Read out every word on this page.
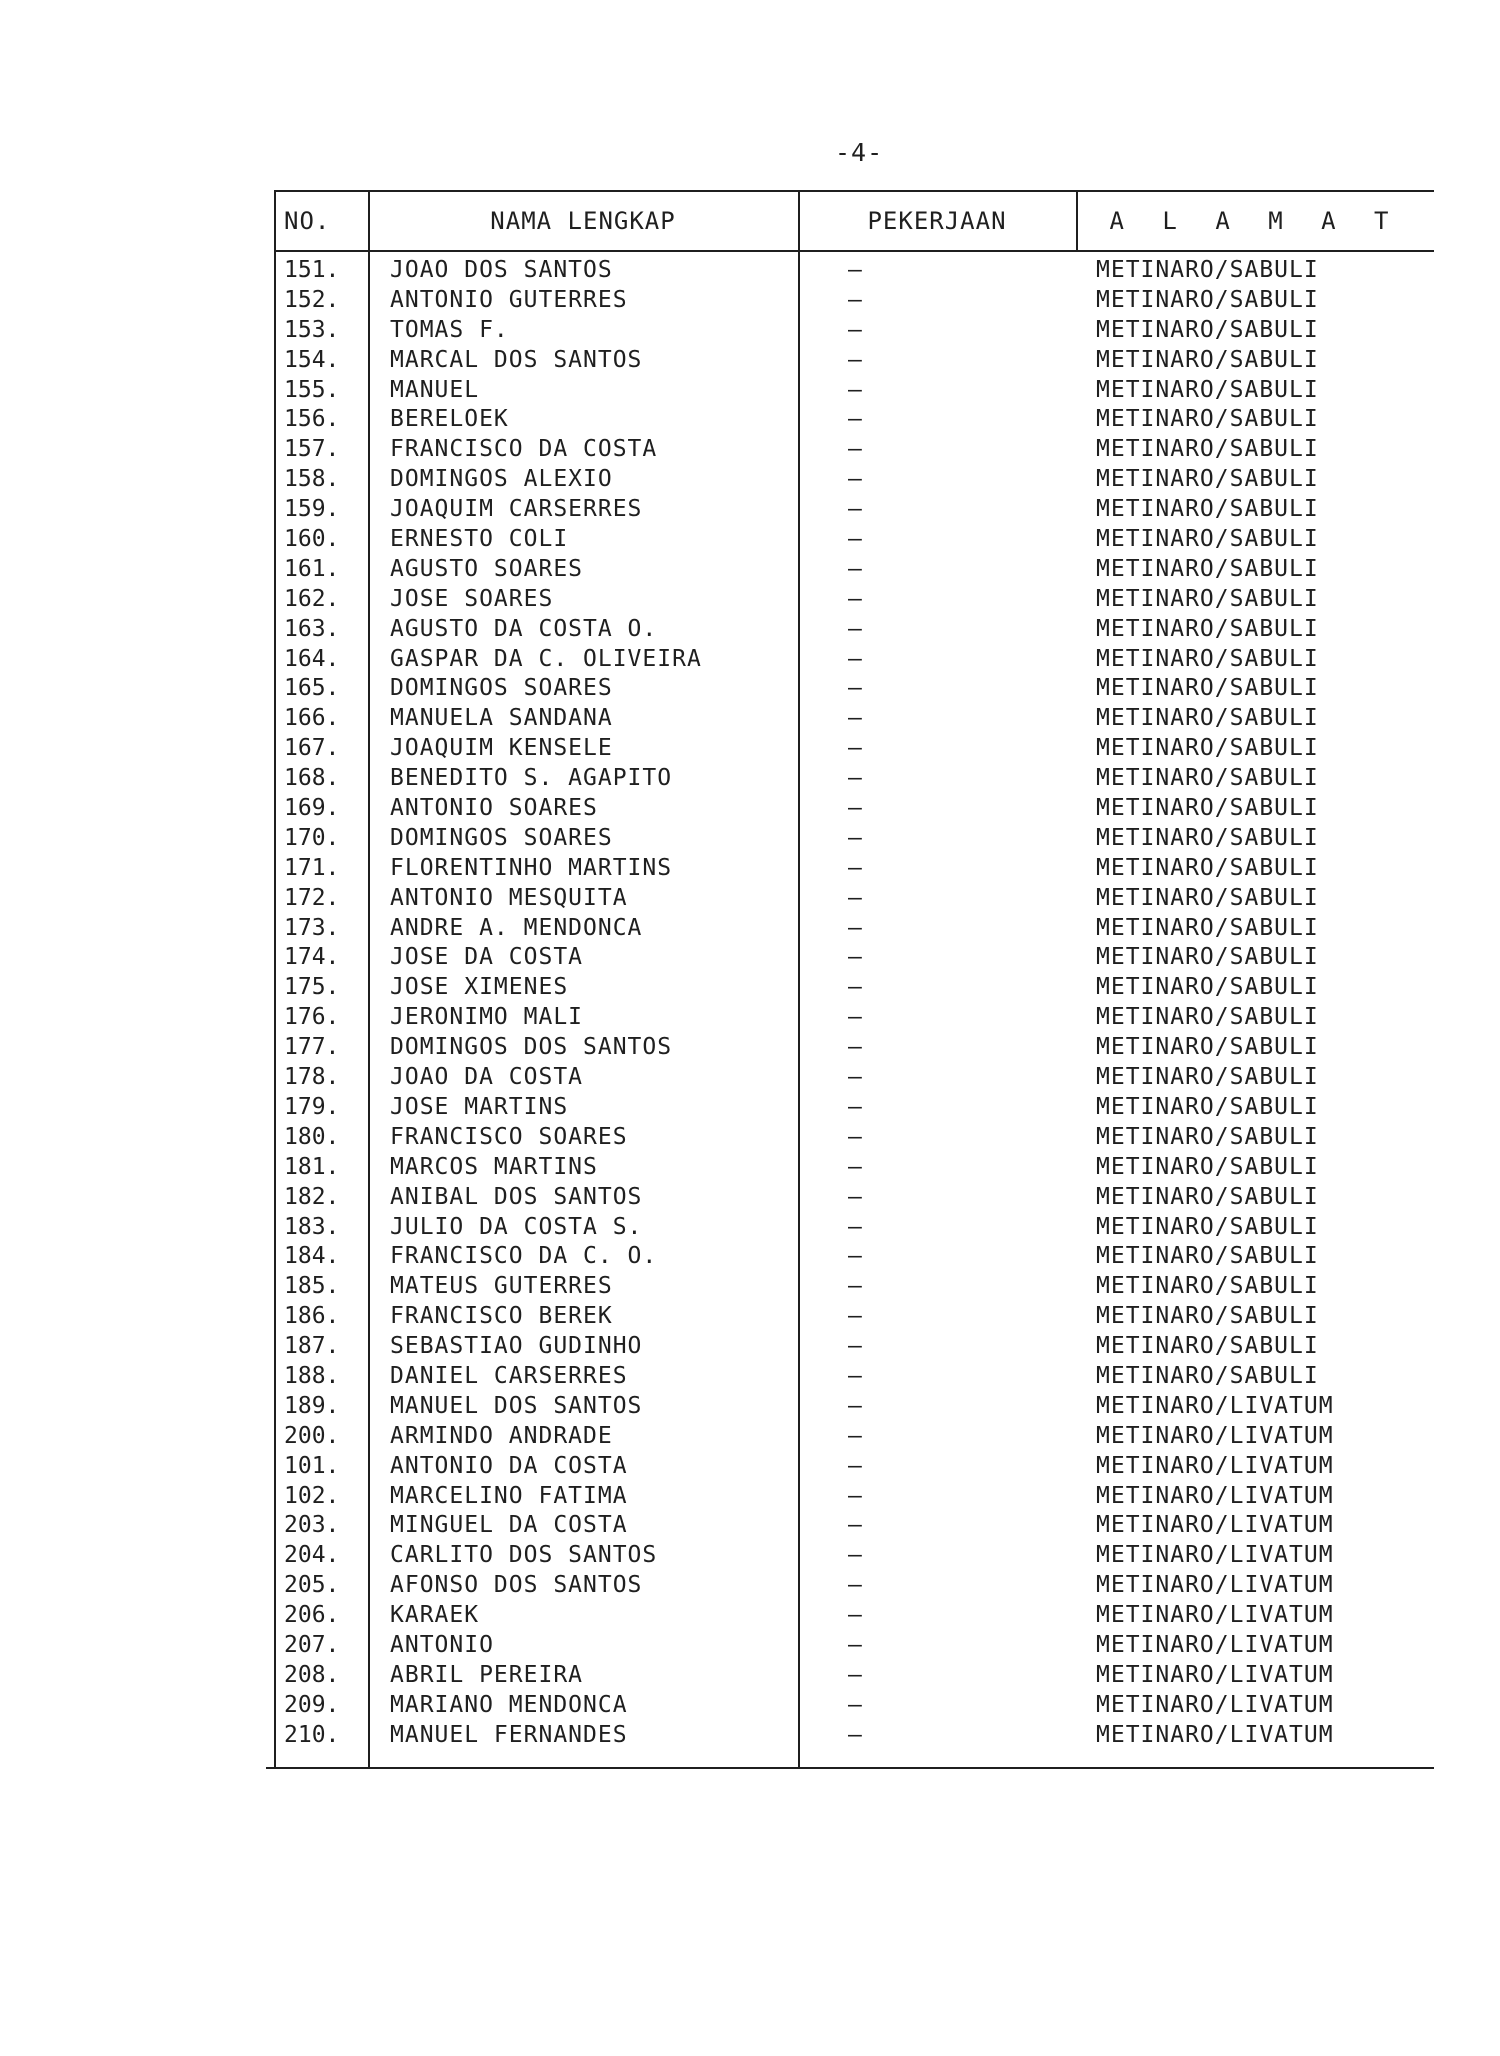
-4-
NO.	NAMA LENGKAP	PEKERJAAN	A L A M A T
151.	JOAO DOS SANTOS	–	METINARO/SABULI
152.	ANTONIO GUTERRES	–	METINARO/SABULI
153.	TOMAS F.	–	METINARO/SABULI
154.	MARCAL DOS SANTOS	–	METINARO/SABULI
155.	MANUEL	–	METINARO/SABULI
156.	BERELOEK	–	METINARO/SABULI
157.	FRANCISCO DA COSTA	–	METINARO/SABULI
158.	DOMINGOS ALEXIO	–	METINARO/SABULI
159.	JOAQUIM CARSERRES	–	METINARO/SABULI
160.	ERNESTO COLI	–	METINARO/SABULI
161.	AGUSTO SOARES	–	METINARO/SABULI
162.	JOSE SOARES	–	METINARO/SABULI
163.	AGUSTO DA COSTA O.	–	METINARO/SABULI
164.	GASPAR DA C. OLIVEIRA	–	METINARO/SABULI
165.	DOMINGOS SOARES	–	METINARO/SABULI
166.	MANUELA SANDANA	–	METINARO/SABULI
167.	JOAQUIM KENSELE	–	METINARO/SABULI
168.	BENEDITO S. AGAPITO	–	METINARO/SABULI
169.	ANTONIO SOARES	–	METINARO/SABULI
170.	DOMINGOS SOARES	–	METINARO/SABULI
171.	FLORENTINHO MARTINS	–	METINARO/SABULI
172.	ANTONIO MESQUITA	–	METINARO/SABULI
173.	ANDRE A. MENDONCA	–	METINARO/SABULI
174.	JOSE DA COSTA	–	METINARO/SABULI
175.	JOSE XIMENES	–	METINARO/SABULI
176.	JERONIMO MALI	–	METINARO/SABULI
177.	DOMINGOS DOS SANTOS	–	METINARO/SABULI
178.	JOAO DA COSTA	–	METINARO/SABULI
179.	JOSE MARTINS	–	METINARO/SABULI
180.	FRANCISCO SOARES	–	METINARO/SABULI
181.	MARCOS MARTINS	–	METINARO/SABULI
182.	ANIBAL DOS SANTOS	–	METINARO/SABULI
183.	JULIO DA COSTA S.	–	METINARO/SABULI
184.	FRANCISCO DA C. O.	–	METINARO/SABULI
185.	MATEUS GUTERRES	–	METINARO/SABULI
186.	FRANCISCO BEREK	–	METINARO/SABULI
187.	SEBASTIAO GUDINHO	–	METINARO/SABULI
188.	DANIEL CARSERRES	–	METINARO/SABULI
189.	MANUEL DOS SANTOS	–	METINARO/LIVATUM
200.	ARMINDO ANDRADE	–	METINARO/LIVATUM
101.	ANTONIO DA COSTA	–	METINARO/LIVATUM
102.	MARCELINO FATIMA	–	METINARO/LIVATUM
203.	MINGUEL DA COSTA	–	METINARO/LIVATUM
204.	CARLITO DOS SANTOS	–	METINARO/LIVATUM
205.	AFONSO DOS SANTOS	–	METINARO/LIVATUM
206.	KARAEK	–	METINARO/LIVATUM
207.	ANTONIO	–	METINARO/LIVATUM
208.	ABRIL PEREIRA	–	METINARO/LIVATUM
209.	MARIANO MENDONCA	–	METINARO/LIVATUM
210.	MANUEL FERNANDES	–	METINARO/LIVATUM
